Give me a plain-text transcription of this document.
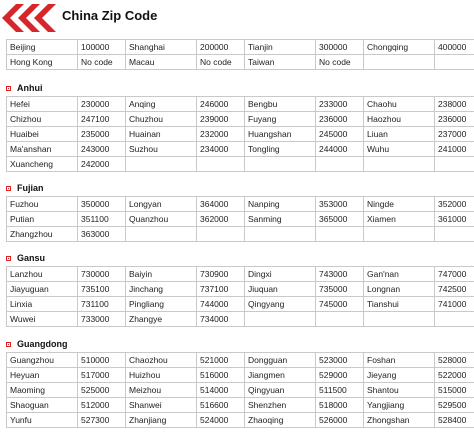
China Zip Code
Beijing	100000	Shanghai	200000	Tianjin	300000	Chongqing	400000
Hong Kong	No code	Macau	No code	Taiwan	No code		
Anhui
Hefei	230000	Anqing	246000	Bengbu	233000	Chaohu	238000
Chizhou	247100	Chuzhou	239000	Fuyang	236000	Haozhou	236000
Huaibei	235000	Huainan	232000	Huangshan	245000	Liuan	237000
Ma'anshan	243000	Suzhou	234000	Tongling	244000	Wuhu	241000
Xuancheng	242000						
Fujian
Fuzhou	350000	Longyan	364000	Nanping	353000	Ningde	352000
Putian	351100	Quanzhou	362000	Sanming	365000	Xiamen	361000
Zhangzhou	363000						
Gansu
Lanzhou	730000	Baiyin	730900	Dingxi	743000	Gan'nan	747000
Jiayuguan	735100	Jinchang	737100	Jiuquan	735000	Longnan	742500
Linxia	731100	Pingliang	744000	Qingyang	745000	Tianshui	741000
Wuwei	733000	Zhangye	734000				
Guangdong
Guangzhou	510000	Chaozhou	521000	Dongguan	523000	Foshan	528000
Heyuan	517000	Huizhou	516000	Jiangmen	529000	Jieyang	522000
Maoming	525000	Meizhou	514000	Qingyuan	511500	Shantou	515000
Shaoguan	512000	Shanwei	516600	Shenzhen	518000	Yangjiang	529500
Yunfu	527300	Zhanjiang	524000	Zhaoqing	526000	Zhongshan	528400
